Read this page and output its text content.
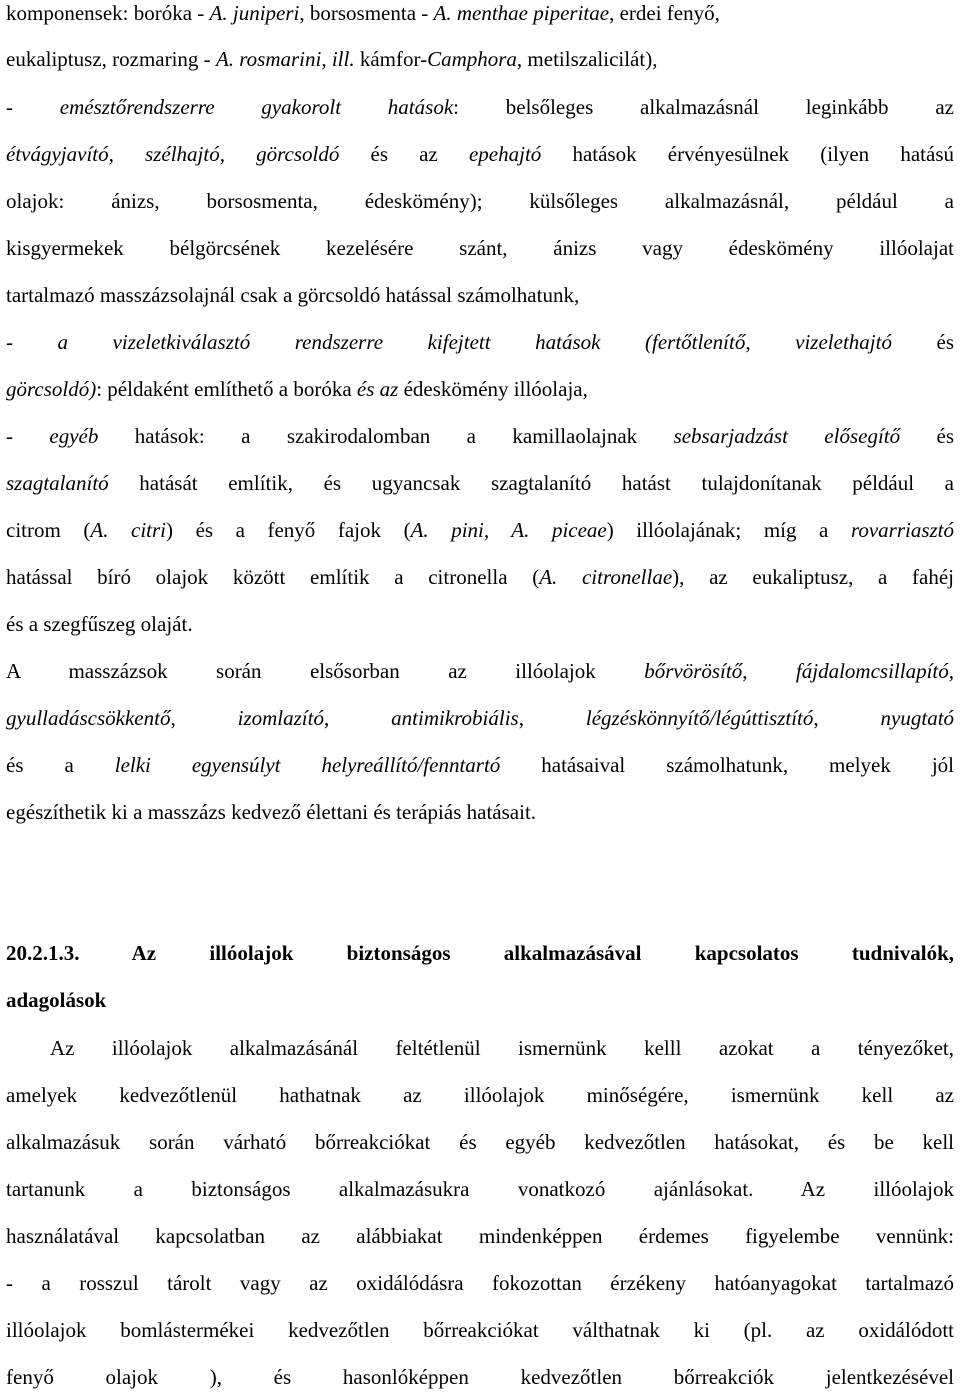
komponensek: boróka - A. juniperi, borsosmenta - A. menthae piperitae, erdei fenyő,
eukaliptusz, rozmaring - A. rosmarini, ill. kámfor-Camphora, metilszalicilát),
- emésztőrendszerre gyakorolt hatások: belsőleges alkalmazásnál leginkább az
étvágyjavító, szélhajtó, görcsoldó és az epehajtó hatások érvényesülnek (ilyen hatású
olajok: ánizs, borsosmenta, édeskömény); külsőleges alkalmazásnál, például a
kisgyermekek bélgörcsének kezelésére szánt, ánizs vagy édeskömény illóolajat
tartalmazó masszázsolajnál csak a görcsoldó hatással számolhatunk,
- a vizeletkiválasztó rendszerre kifejtett hatások (fertőtlenítő, vizelethajtó és
görcsoldó): példaként említhető a boróka és az édeskömény illóolaja,
- egyéb hatások: a szakirodalomban a kamillaolajnak sebsarjadzást elősegítő és
szagtalanító hatását említik, és ugyancsak szagtalanító hatást tulajdonítanak például a
citrom (A. citri) és a fenyő fajok (A. pini, A. piceae) illóolajának; míg a rovarriasztó
hatással bíró olajok között említik a citronella (A. citronellae), az eukaliptusz, a fahéj
és a szegfűszeg olaját.
A masszázsok során elsősorban az illóolajok bőrvörösítő, fájdalomcsillapító,
gyulladáscsökkentő, izomlazító, antimikrobiális, légzéskönnyítő/légúttisztító, nyugtató
és a lelki egyensúlyt helyreállító/fenntartó hatásaival számolhatunk, melyek jól
egészíthetik ki a masszázs kedvező élettani és terápiás hatásait.
20.2.1.3. Az illóolajok biztonságos alkalmazásával kapcsolatos tudnivalók,
adagolások
Az illóolajok alkalmazásánál feltétlenül ismernünk kelll azokat a tényezőket,
amelyek kedvezőtlenül hathatnak az illóolajok minőségére, ismernünk kell az
alkalmazásuk során várható bőrreakciókat és egyéb kedvezőtlen hatásokat, és be kell
tartanunk a biztonságos alkalmazásukra vonatkozó ajánlásokat. Az illóolajok
használatával kapcsolatban az alábbiakat mindenképpen érdemes figyelembe vennünk:
- a rosszul tárolt vagy az oxidálódásra fokozottan érzékeny hatóanyagokat tartalmazó
illóolajok bomlástermékei kedvezőtlen bőrreakciókat válthatnak ki (pl. az oxidálódott
fenyő olajok ), és hasonlóképpen kedvezőtlen bőrreakciók jelentkezésével
